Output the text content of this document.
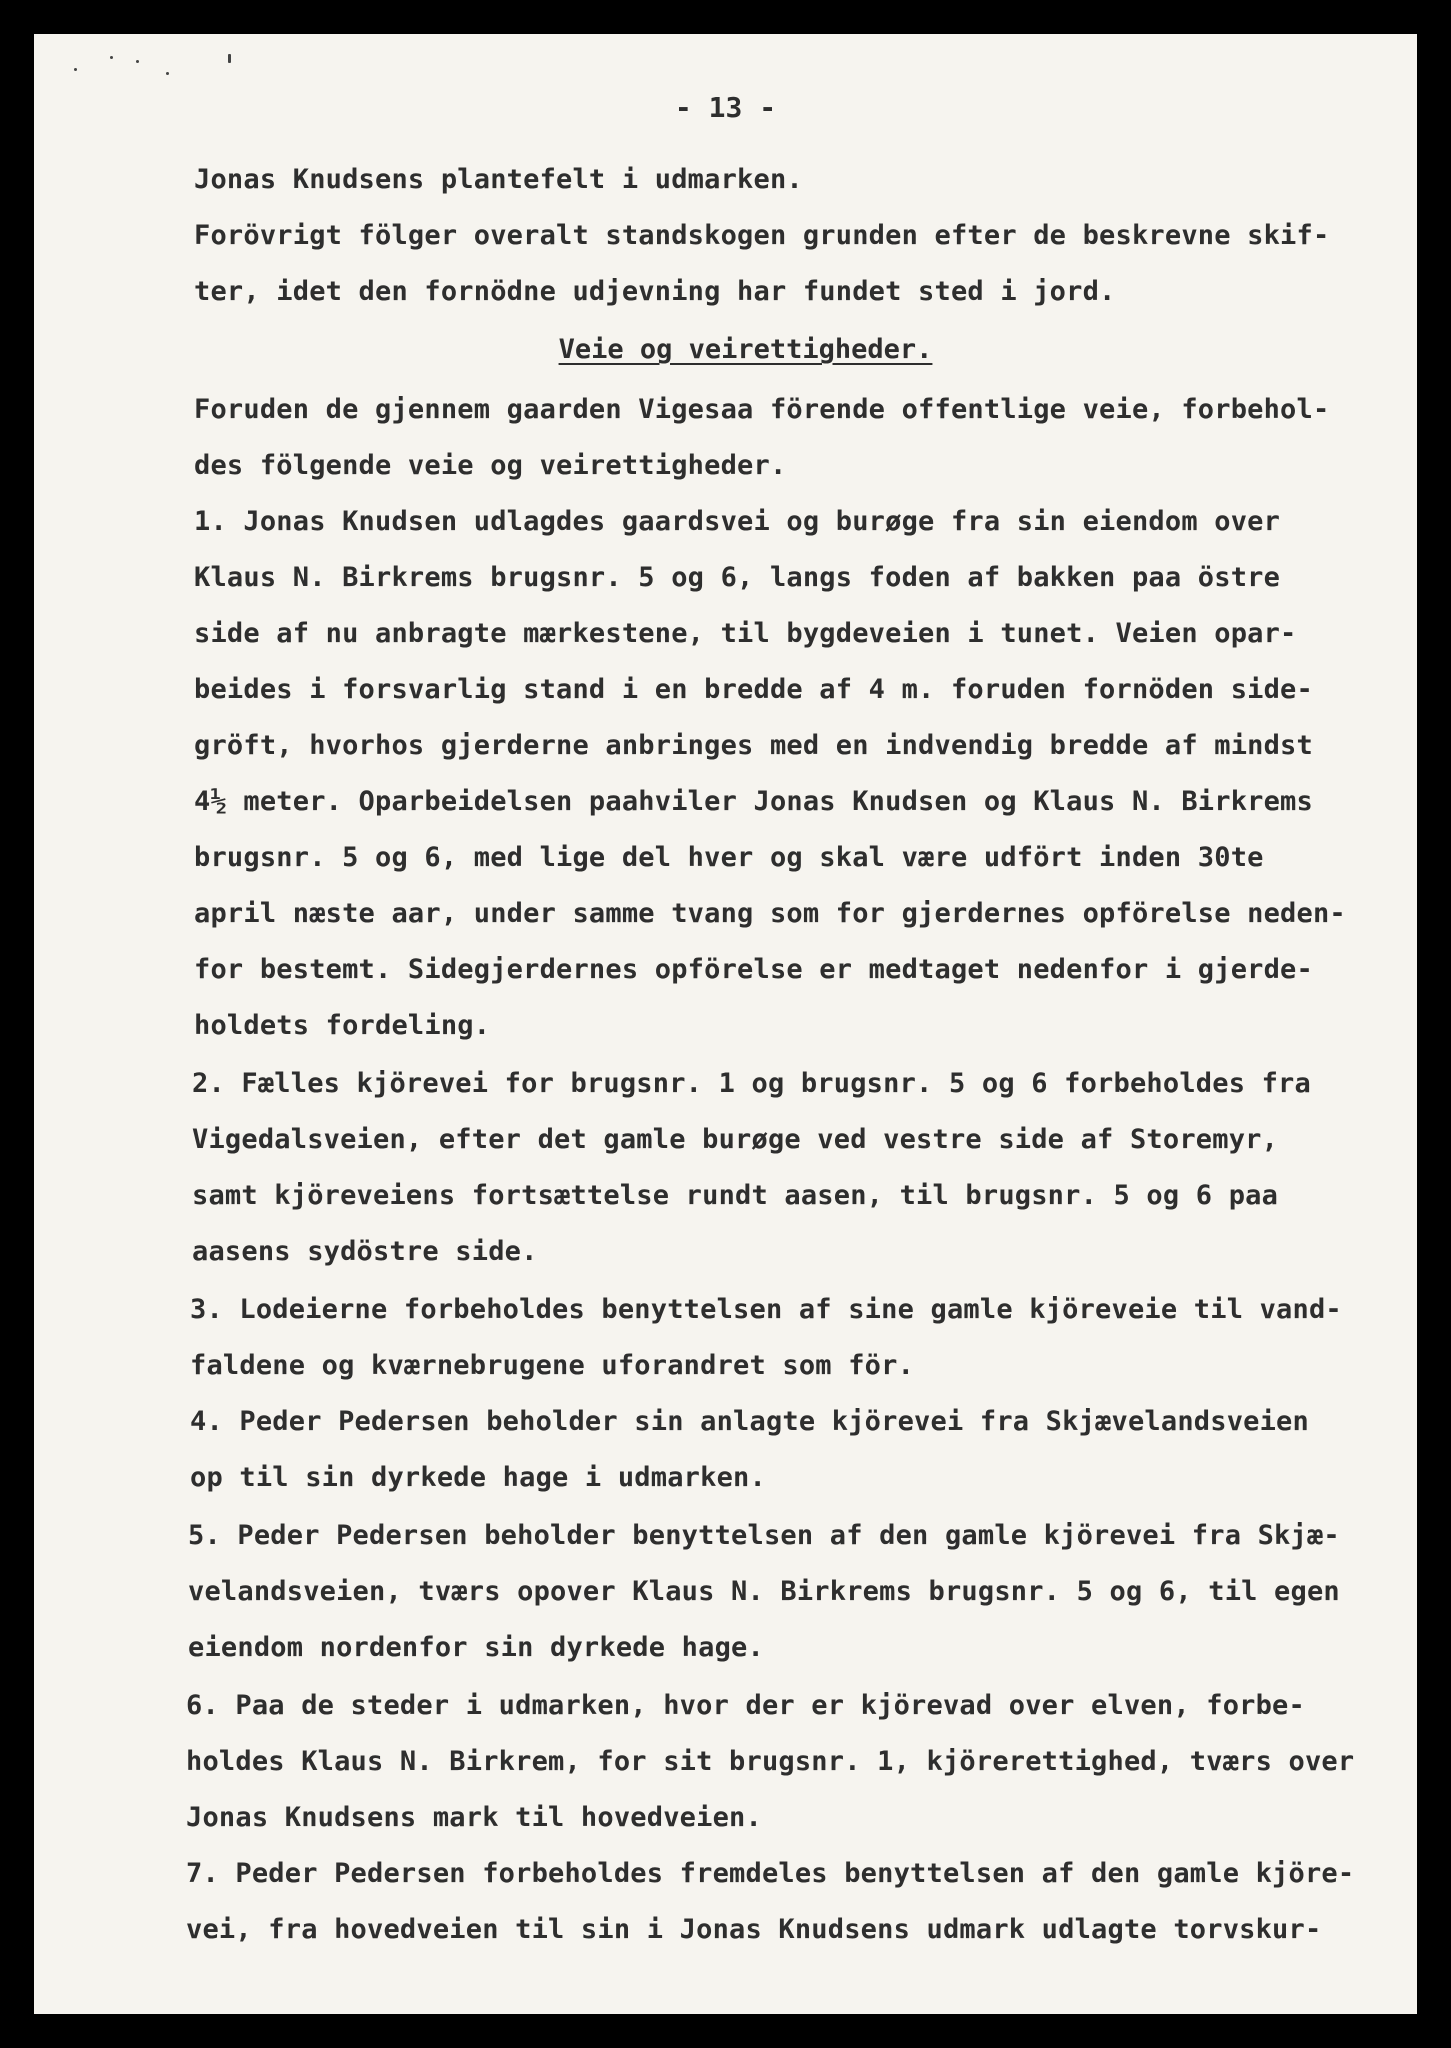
- 13 -
Jonas Knudsens plantefelt i udmarken.
Forövrigt fölger overalt standskogen grunden efter de beskrevne skif-
ter, idet den fornödne udjevning har fundet sted i jord.
Foruden de gjennem gaarden Vigesaa förende offentlige veie, forbehol-
des fölgende veie og veirettigheder.
1. Jonas Knudsen udlagdes gaardsvei og burøge fra sin eiendom over
Klaus N. Birkrems brugsnr. 5 og 6, langs foden af bakken paa östre
side af nu anbragte mærkestene, til bygdeveien i tunet. Veien opar-
beides i forsvarlig stand i en bredde af 4 m. foruden fornöden side-
gröft, hvorhos gjerderne anbringes med en indvendig bredde af mindst
4½ meter. Oparbeidelsen paahviler Jonas Knudsen og Klaus N. Birkrems
brugsnr. 5 og 6, med lige del hver og skal være udfört inden 30te
april næste aar, under samme tvang som for gjerdernes opförelse neden-
for bestemt. Sidegjerdernes opförelse er medtaget nedenfor i gjerde-
holdets fordeling.
2. Fælles kjörevei for brugsnr. 1 og brugsnr. 5 og 6 forbeholdes fra
Vigedalsveien, efter det gamle burøge ved vestre side af Storemyr,
samt kjöreveiens fortsættelse rundt aasen, til brugsnr. 5 og 6 paa
aasens sydöstre side.
3. Lodeierne forbeholdes benyttelsen af sine gamle kjöreveie til vand-
faldene og kværnebrugene uforandret som för.
4. Peder Pedersen beholder sin anlagte kjörevei fra Skjævelandsveien
op til sin dyrkede hage i udmarken.
5. Peder Pedersen beholder benyttelsen af den gamle kjörevei fra Skjæ-
velandsveien, tværs opover Klaus N. Birkrems brugsnr. 5 og 6, til egen
eiendom nordenfor sin dyrkede hage.
6. Paa de steder i udmarken, hvor der er kjörevad over elven, forbe-
holdes Klaus N. Birkrem, for sit brugsnr. 1, kjörerettighed, tværs over
Jonas Knudsens mark til hovedveien.
7. Peder Pedersen forbeholdes fremdeles benyttelsen af den gamle kjöre-
vei, fra hovedveien til sin i Jonas Knudsens udmark udlagte torvskur-
Veie og veirettigheder.
